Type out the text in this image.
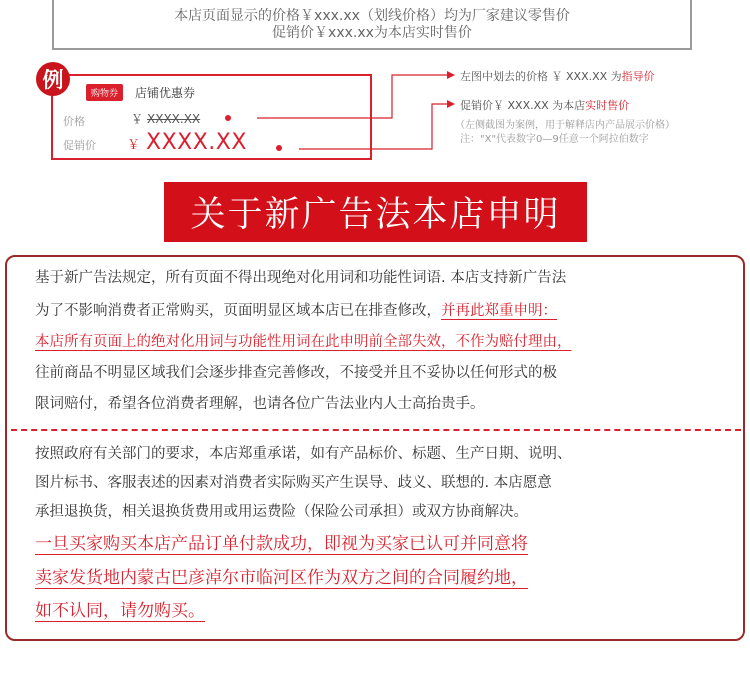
本店页面显示的价格￥xxx.xx（划线价格）均为厂家建议零售价
促销价￥xxx.xx为本店实时售价
例
购物券	店铺优惠券
价格	￥ XXXX.XX
促销价 ￥ XXXX.XX
左图中划去的价格 ￥ XXX.XX 为指导价
促销价￥ XXX.XX 为本店实时售价
（左侧截图为案例，用于解释店内产品展示价格）
注："X"代表数字0—9任意一个阿拉伯数字
关于新广告法本店申明
基于新广告法规定，所有页面不得出现绝对化用词和功能性词语. 本店支持新广告法
为了不影响消费者正常购买，页面明显区域本店已在排查修改，并再此郑重申明：
本店所有页面上的绝对化用词与功能性用词在此申明前全部失效，不作为赔付理由，
往前商品不明显区域我们会逐步排查完善修改，不接受并且不妥协以任何形式的极
限词赔付，希望各位消费者理解，也请各位广告法业内人士高抬贵手。
按照政府有关部门的要求，本店郑重承诺，如有产品标价、标题、生产日期、说明、
图片标书、客服表述的因素对消费者实际购买产生误导、歧义、联想的. 本店愿意
承担退换货，相关退换货费用或用运费险（保险公司承担）或双方协商解决。
一旦买家购买本店产品订单付款成功，即视为买家已认可并同意将
卖家发货地内蒙古巴彦淖尔市临河区作为双方之间的合同履约地，
如不认同，请勿购买。
